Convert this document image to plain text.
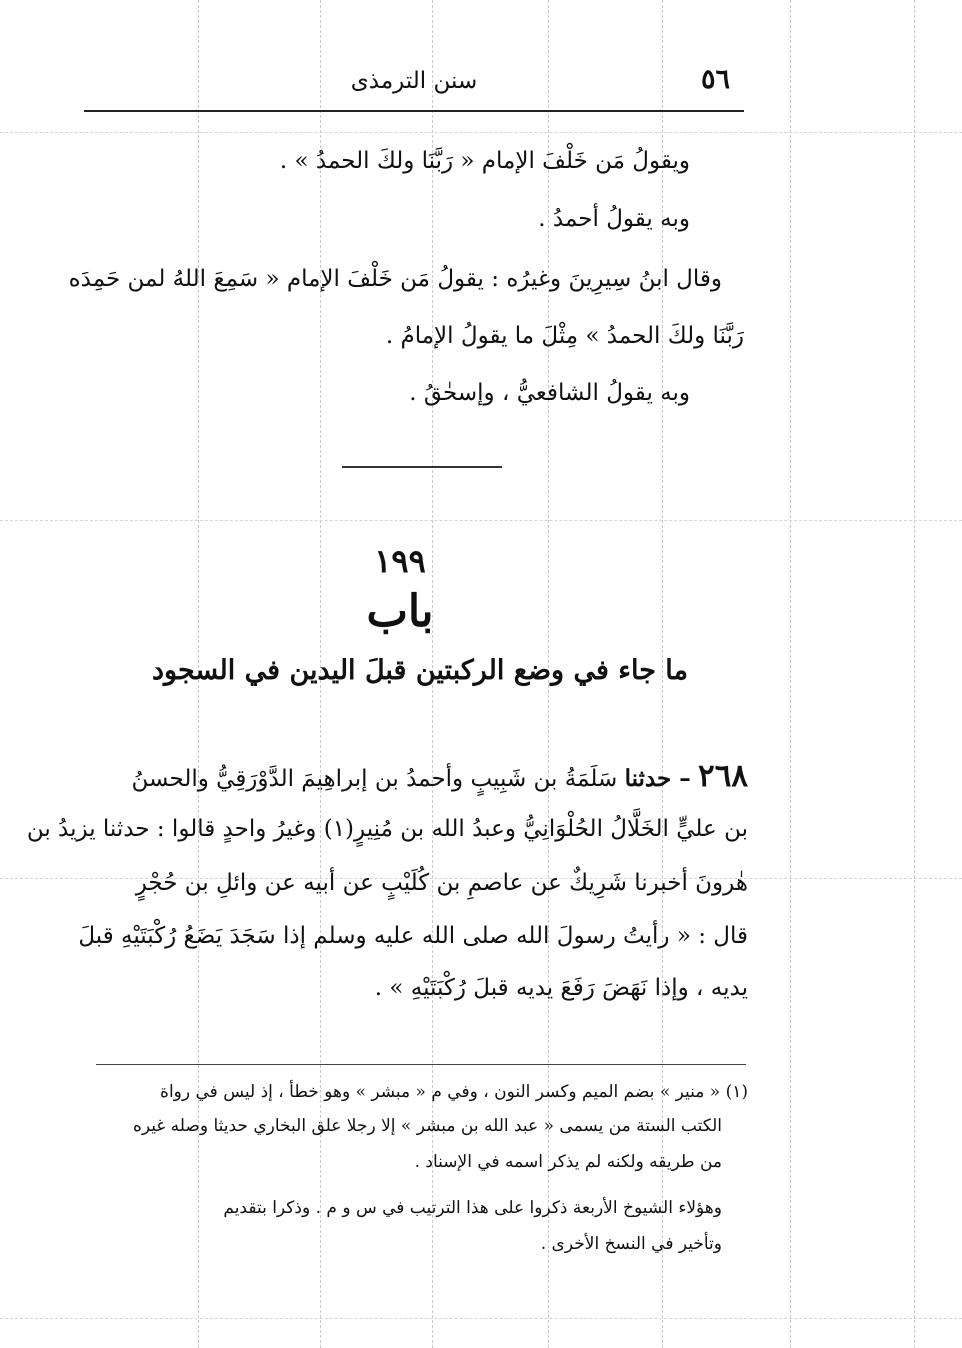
٥٦
سنن الترمذى
ويقولُ مَن خَلْفَ الإمام « رَبَّنَا ولكَ الحمدُ » .
وبه يقولُ أحمدُ .
وقال ابنُ سِيرِينَ وغيرُه : يقولُ مَن خَلْفَ الإمام « سَمِعَ اللهُ لمن حَمِدَه
رَبَّنَا ولكَ الحمدُ » مِثْلَ ما يقولُ الإمامُ .
وبه يقولُ الشافعيُّ ، وإسحٰقُ .
١٩٩
باب
ما جاء في وضع الركبتين قبلَ اليدين في السجود
٢٦٨ – حدثنا سَلَمَةُ بن شَبِيبٍ وأحمدُ بن إبراهِيمَ الدَّوْرَقِيُّ والحسنُ
بن عليٍّ الخَلَّالُ الحُلْوَانِيُّ وعبدُ الله بن مُنِيرٍ(١) وغيرُ واحدٍ قالوا : حدثنا يزيدُ بن
هٰرونَ أخبرنا شَرِيكٌ عن عاصمِ بن كُلَيْبٍ عن أبيه عن وائلِ بن حُجْرٍ
قال : « رأيتُ رسولَ الله صلى الله عليه وسلم إذا سَجَدَ يَضَعُ رُكْبَتَيْهِ قبلَ
يديه ، وإذا نَهَضَ رَفَعَ يديه قبلَ رُكْبَتَيْهِ » .
(١) « منير » بضم الميم وكسر النون ، وفي م « مبشر » وهو خطأ ، إذ ليس في رواة
الكتب الستة من يسمى « عبد الله بن مبشر » إلا رجلا علق البخاري حديثا وصله غيره
من طريقه ولكنه لم يذكر اسمه في الإسناد .
وهؤلاء الشيوخ الأربعة ذكروا على هذا الترتيب في س و م . وذكرا بتقديم
وتأخير في النسخ الأخرى .
